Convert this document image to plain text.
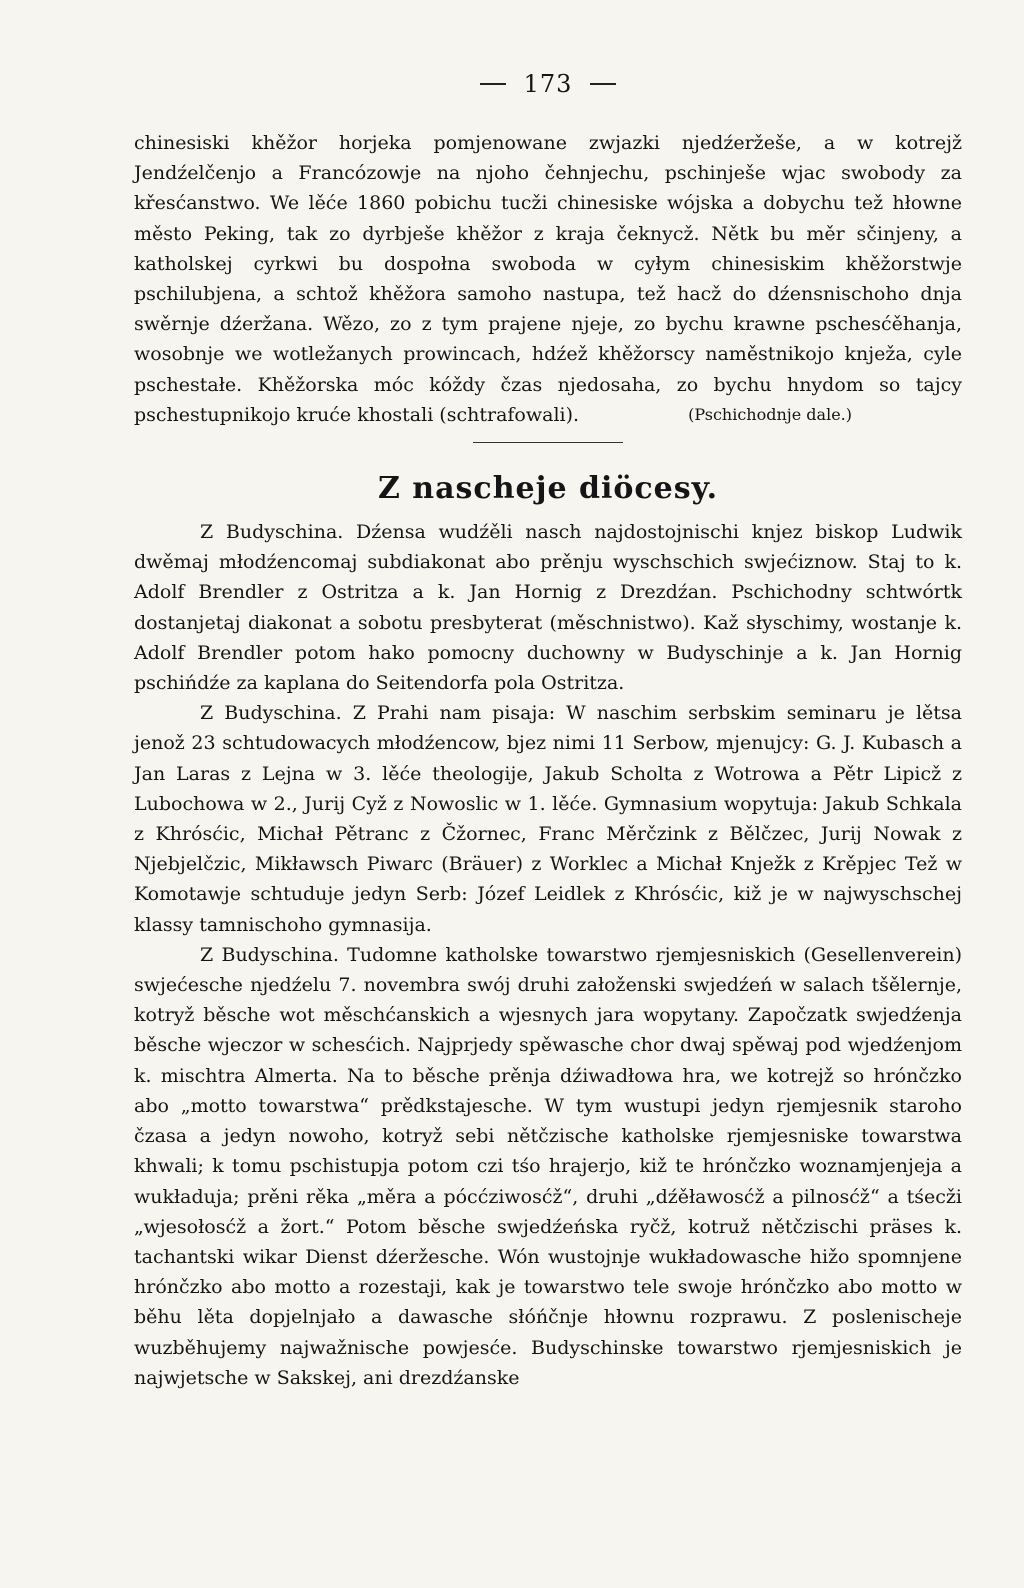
173

chinesiski khěžor horjeka pomjenowane zwjazki njedźeržeše, a w kotrejž Jendźelčenjo a Francózowje na njoho čehnjechu, pschinješe wjac swobody za křesćanstwo. We lěće 1860 pobichu tucži chinesiske wójska a dobychu tež hłowne město Peking, tak zo dyrbješe khěžor z kraja čeknycž. Nětk bu měr sčinjeny, a katholskej cyrkwi bu dospołna swoboda w cyłym chinesiskim khěžorstwje pschilubjena, a schtož khěžora samoho nastupa, tež hacž do dźensnischoho dnja swěrnje dźeržana. Wězo, zo z tym prajene njeje, zo bychu krawne pschesćěhanja, wosobnje we wotležanych prowincach, hdźež khěžorscy naměstnikojo knježa, cyle pschestałe. Khěžorska móc kóždy čzas njedosaha, zo bychu hnydom so tajcy pschestupnikojo kruće khostali (schtrafowali).	(Pschichodnje dale.)
Z naschеje diöcesy.

Z Budyschina. Dźensa wudźěli nasch najdostojnischi knjez biskop Ludwik dwěmaj młodźencomaj subdiakonat abo prěnju wyschschich swjećiznow. Staj to k. Adolf Brendler z Ostritza a k. Jan Hornig z Drezdźan. Pschichodny schtwórtk dostanjetaj diakonat a sobotu presbyterat (měschnistwo). Kaž słyschimy, wostanje k. Adolf Brendler potom hako pomocny duchowny w Budyschinje a k. Jan Hornig pschińdźe za kaplana do Seitendorfa pola Ostritza.

Z Budyschina. Z Prahi nam pisaja: W naschim serbskim seminaru je lětsa jenož 23 schtudowacych młodźencow, bjez nimi 11 Serbow, mjenujcy: G. J. Kubasch a Jan Laras z Lejna w 3. lěće theologije, Jakub Scholta z Wotrowa a Pětr Lipicž z Lubochowa w 2., Jurij Cyž z Nowoslic w 1. lěće. Gymnasium wopytuja: Jakub Schkala z Khrósćic, Michał Pětranc z Čžornec, Franc Měrčzink z Bělčzec, Jurij Nowak z Njebjelčzic, Mikławsch Piwarc (Bräuer) z Worklec a Michał Knježk z Krěpjec Tež w Komotawje schtuduje jedyn Serb: Józef Leidlek z Khrósćic, kiž je w najwyschschej klassy tamnischoho gymnasija.

Z Budyschina. Tudomne katholske towarstwo rjemjesniskich (Gesellenverein) swjećeschе njedźelu 7. novembra swój druhi załoženski swjedźeń w salach tšělernje, kotryž běsche wot měschćanskich a wjesnych jara wopytany. Započzatk swjedźenja běsche wjeczor w schesćich. Najprjedy spěwasche chor dwaj spěwaj pod wjedźenjom k. mischtra Almerta. Na to běsche prěnja dźiwadłowa hra, we kotrejž so hrónčzko abo „motto towarstwa“ prědkstajesche. W tym wustupi jedyn rjemjesnik staroho čzasa a jedyn nowoho, kotryž sebi nětčzische katholske rjemjesniske towarstwa khwali; k tomu pschistupja potom czi tśo hrajerjo, kiž te hrónčzko woznamjenjeja a wukładuja; prěni rěka „měra a pócćziwosćž“, druhi „dźěławosćž a pilnosćž“ a tśecži „wjesołosćž a žort.“ Potom běsche swjedźeńska ryčž, kotruž nětčzischi präses k. tachantski wikar Dienst dźeržesche. Wón wustojnje wukładowasche hižo spomnjene hrónčzko abo motto a rozestaji, kak je towarstwo tele swoje hrónčzko abo motto w běhu lěta dopjelnjało a dawasche słóńčnje hłownu rozprawu. Z poslenischeje wuzběhujemy najwažnische powjesće. Budyschinske towarstwo rjemjesniskich je najwjetsche w Sakskej, ani drezdźanske
